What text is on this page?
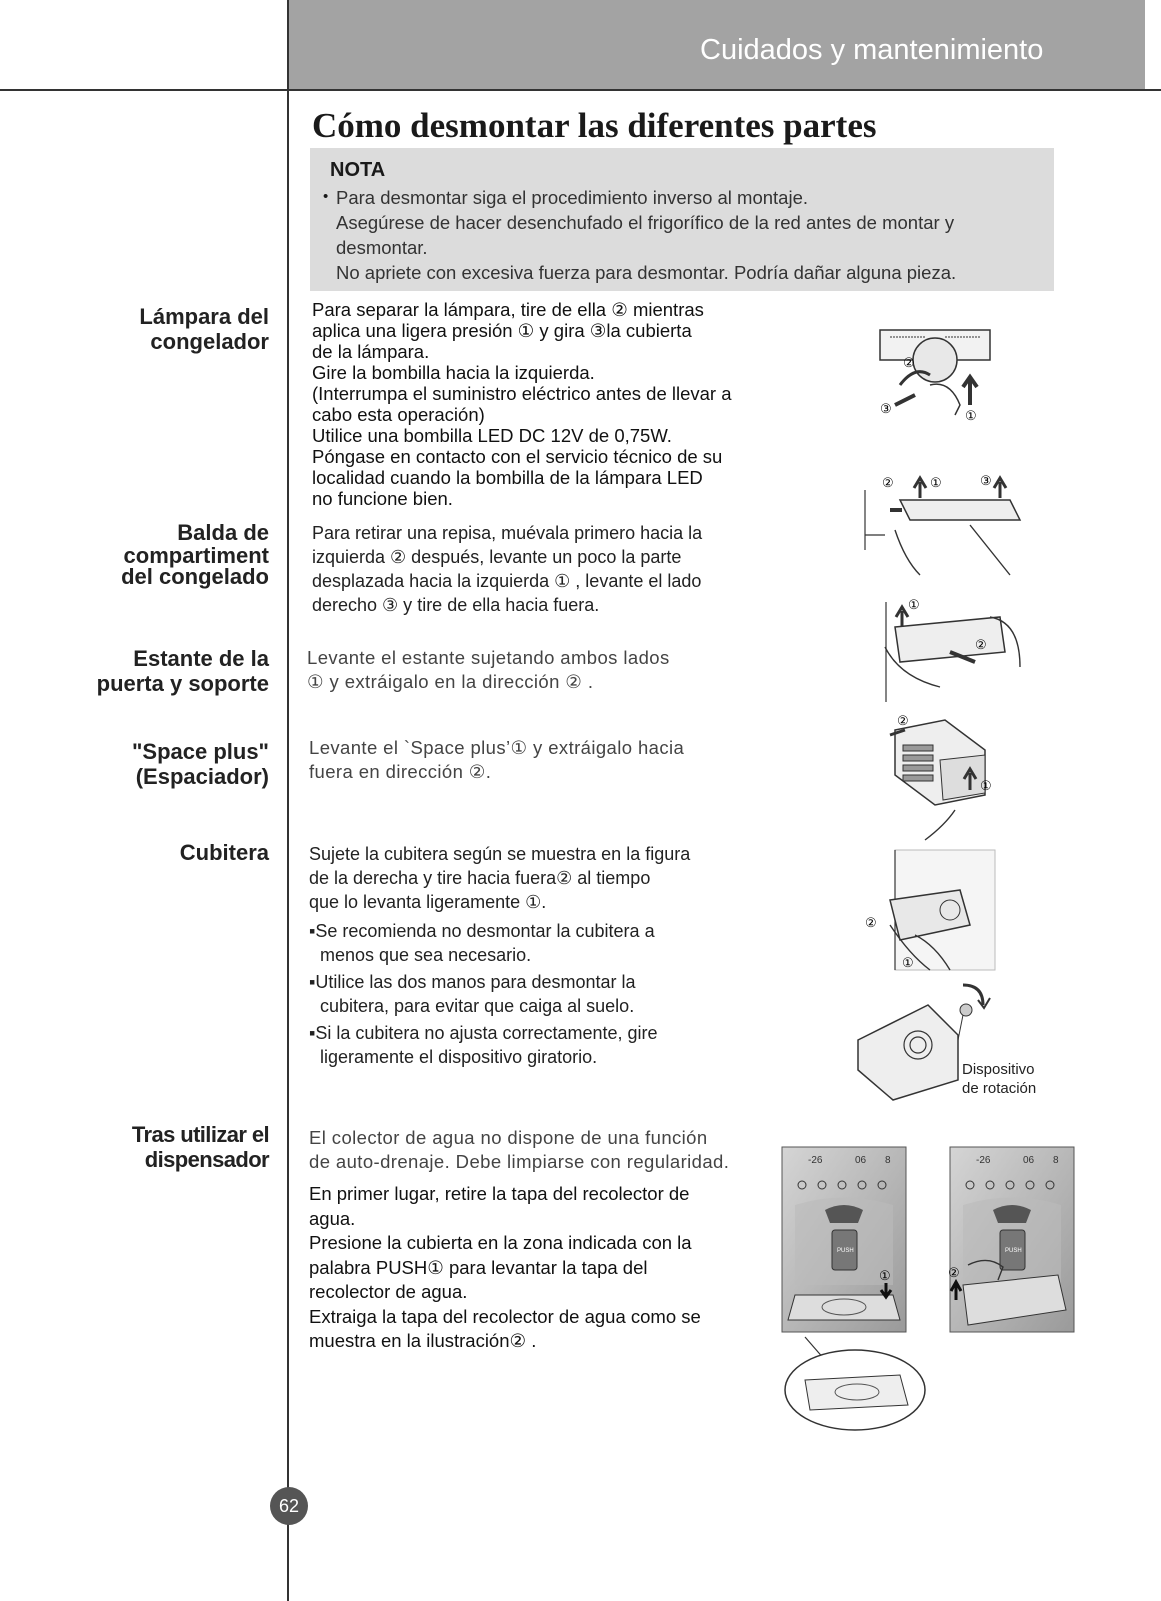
Cuidados y mantenimiento
Cómo desmontar las diferentes partes
NOTA
• Para desmontar siga el procedimiento inverso al montaje.
Asegúrese de hacer desenchufado el frigorífico de la red antes de montar y
desmontar.
No apriete con excesiva fuerza para desmontar. Podría dañar alguna pieza.
Lámpara del
congelador
Para separar la lámpara, tire de ella ② mientras
aplica una ligera presión ① y gira ③la cubierta
de la lámpara.
Gire la bombilla hacia la izquierda.
(Interrumpa el suministro eléctrico antes de llevar a
cabo esta operación)
Utilice una bombilla LED DC 12V de 0,75W.
Póngase en contacto con el servicio técnico de su
localidad cuando la bombilla de la lámpara LED
no funcione bien.
②
③	①
Balda de
compartiment
del congelado
Para retirar una repisa, muévala primero hacia la
izquierda ② después, levante un poco la parte
desplazada hacia la izquierda ① , levante el lado
derecho ③ y tire de ella hacia fuera.
②	①	③
Estante de la
puerta y soporte
Levante el estante sujetando ambos lados
① y extráigalo en la dirección ② .
①
②
"Space plus"
(Espaciador)
Levante el `Space plus’① y extráigalo hacia
fuera en dirección ②.
②
①
Cubitera Sujete la cubitera según se muestra en la figura
de la derecha y tire hacia fuera② al tiempo
que lo levanta ligeramente ①.
▪Se recomienda no desmontar la cubitera a
menos que sea necesario.
▪Utilice las dos manos para desmontar la
cubitera, para evitar que caiga al suelo.
▪Si la cubitera no ajusta correctamente, gire
ligeramente el dispositivo giratorio.
②
①
Dispositivo
de rotación
Tras utilizar el
dispensador
El colector de agua no dispone de una función
de auto-drenaje. Debe limpiarse con regularidad.
En primer lugar, retire la tapa del recolector de
agua.
Presione la cubierta en la zona indicada con la
palabra PUSH① para levantar la tapa del
recolector de agua.
Extraiga la tapa del recolector de agua como se
muestra en la ilustración② .
-26	06 8
PUSH
①
-26	06 8
PUSH
②
62
